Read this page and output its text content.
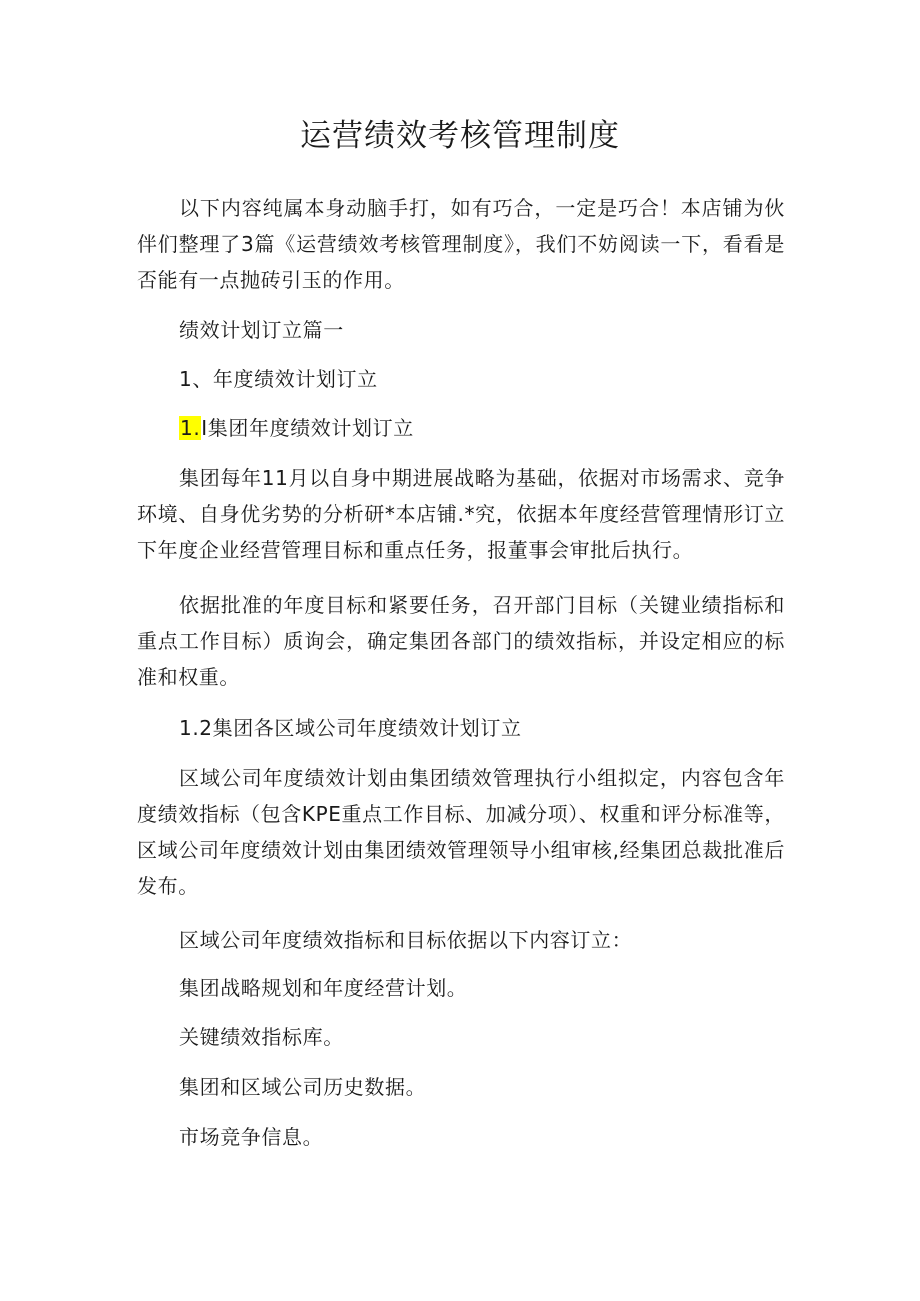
运营绩效考核管理制度

以下内容纯属本身动脑手打，如有巧合，一定是巧合！本店铺为伙伴们整理了3篇《运营绩效考核管理制度》，我们不妨阅读一下，看看是否能有一点抛砖引玉的作用。

绩效计划订立篇一
1、年度绩效计划订立
1.I集团年度绩效计划订立

集团每年11月以自身中期进展战略为基础，依据对市场需求、竞争环境、自身优劣势的分析研*本店铺.*究，依据本年度经营管理情形订立下年度企业经营管理目标和重点任务，报董事会审批后执行。

依据批准的年度目标和紧要任务，召开部门目标（关键业绩指标和重点工作目标）质询会，确定集团各部门的绩效指标，并设定相应的标准和权重。

1.2集团各区域公司年度绩效计划订立

区域公司年度绩效计划由集团绩效管理执行小组拟定，内容包含年度绩效指标（包含KPE重点工作目标、加减分项）、权重和评分标准等，区域公司年度绩效计划由集团绩效管理领导小组审核,经集团总裁批准后发布。

区域公司年度绩效指标和目标依据以下内容订立：
集团战略规划和年度经营计划。
关键绩效指标库。
集团和区域公司历史数据。
市场竞争信息。
